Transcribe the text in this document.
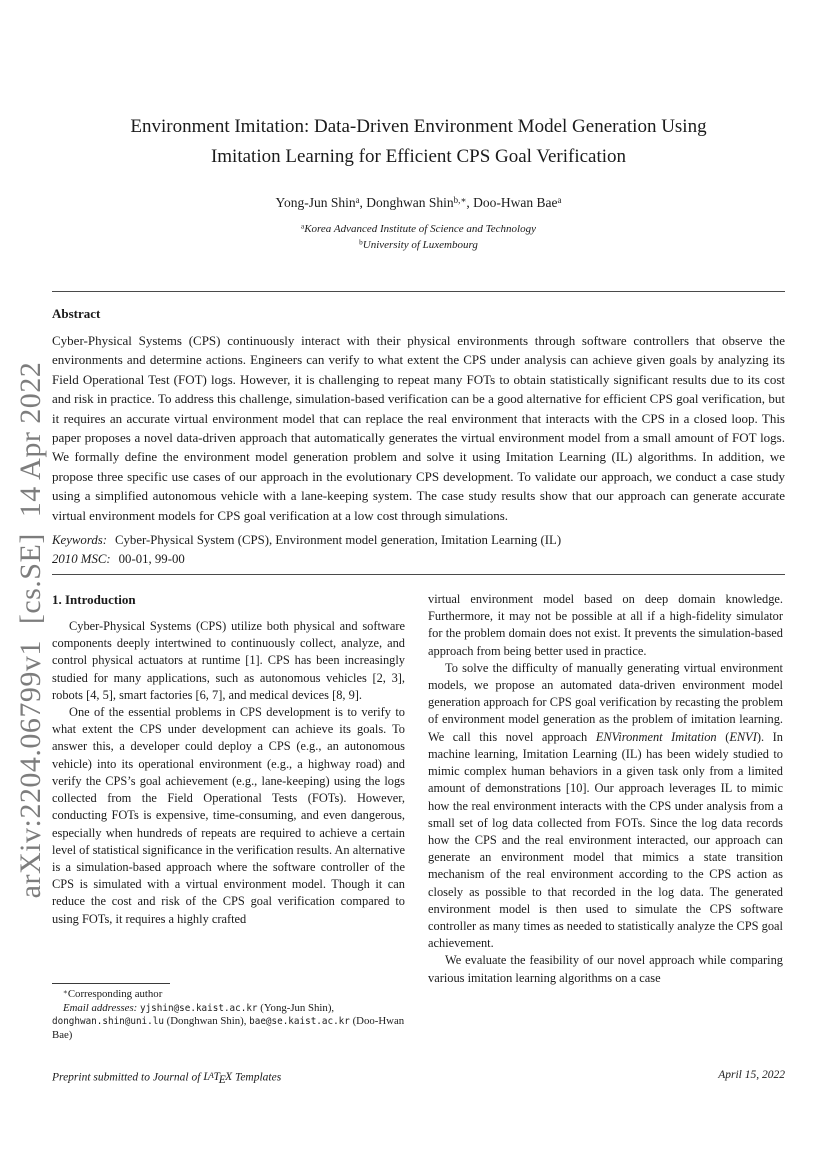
arXiv:2204.06799v1  [cs.SE]  14 Apr 2022
Environment Imitation: Data-Driven Environment Model Generation Using
Imitation Learning for Efficient CPS Goal Verification
Yong-Jun Shin$^a$, Donghwan Shin$^{b,∗}$, Doo-Hwan Bae$^a$
$^a$Korea Advanced Institute of Science and Technology
$^b$University of Luxembourg
Abstract

Cyber-Physical Systems (CPS) continuously interact with their physical environments through software controllers that observe the environments and determine actions. Engineers can verify to what extent the CPS under analysis can achieve given goals by analyzing its Field Operational Test (FOT) logs. However, it is challenging to repeat many FOTs to obtain statistically significant results due to its cost and risk in practice. To address this challenge, simulation-based verification can be a good alternative for efficient CPS goal verification, but it requires an accurate virtual environment model that can replace the real environment that interacts with the CPS in a closed loop. This paper proposes a novel data-driven approach that automatically generates the virtual environment model from a small amount of FOT logs. We formally define the environment model generation problem and solve it using Imitation Learning (IL) algorithms. In addition, we propose three specific use cases of our approach in the evolutionary CPS development. To validate our approach, we conduct a case study using a simplified autonomous vehicle with a lane-keeping system. The case study results show that our approach can generate accurate virtual environment models for CPS goal verification at a low cost through simulations.

Keywords: Cyber-Physical System (CPS), Environment model generation, Imitation Learning (IL)

2010 MSC: 00-01, 99-00

1. Introduction

Cyber-Physical Systems (CPS) utilize both physical and software components deeply intertwined to continuously collect, analyze, and control physical actuators at runtime [1]. CPS has been increasingly studied for many applications, such as autonomous vehicles [2, 3], robots [4, 5], smart factories [6, 7], and medical devices [8, 9].

One of the essential problems in CPS development is to verify to what extent the CPS under development can achieve its goals. To answer this, a developer could deploy a CPS (e.g., an autonomous vehicle) into its operational environment (e.g., a highway road) and verify the CPS’s goal achievement (e.g., lane-keeping) using the logs collected from the Field Operational Tests (FOTs). However, conducting FOTs is expensive, time-consuming, and even dangerous, especially when hundreds of repeats are required to achieve a certain level of statistical significance in the verification results. An alternative is a simulation-based approach where the software controller of the CPS is simulated with a virtual environment model. Though it can reduce the cost and risk of the CPS goal verification compared to using FOTs, it requires a highly crafted

∗Corresponding author
Email addresses: yjshin@se.kaist.ac.kr (Yong-Jun Shin), donghwan.shin@uni.lu (Donghwan Shin), bae@se.kaist.ac.kr (Doo-Hwan Bae)

virtual environment model based on deep domain knowledge. Furthermore, it may not be possible at all if a high-fidelity simulator for the problem domain does not exist. It prevents the simulation-based approach from being better used in practice.

To solve the difficulty of manually generating virtual environment models, we propose an automated data-driven environment model generation approach for CPS goal verification by recasting the problem of environment model generation as the problem of imitation learning. We call this novel approach ENVironment Imitation (ENVI). In machine learning, Imitation Learning (IL) has been widely studied to mimic complex human behaviors in a given task only from a limited amount of demonstrations [10]. Our approach leverages IL to mimic how the real environment interacts with the CPS under analysis from a small set of log data collected from FOTs. Since the log data records how the CPS and the real environment interacted, our approach can generate an environment model that mimics a state transition mechanism of the real environment according to the CPS action as closely as possible to that recorded in the log data. The generated environment model is then used to simulate the CPS software controller as many times as needed to statistically analyze the CPS goal achievement.

We evaluate the feasibility of our novel approach while comparing various imitation learning algorithms on a case

Preprint submitted to Journal of $L^ATEX$ Templates	April 15, 2022
